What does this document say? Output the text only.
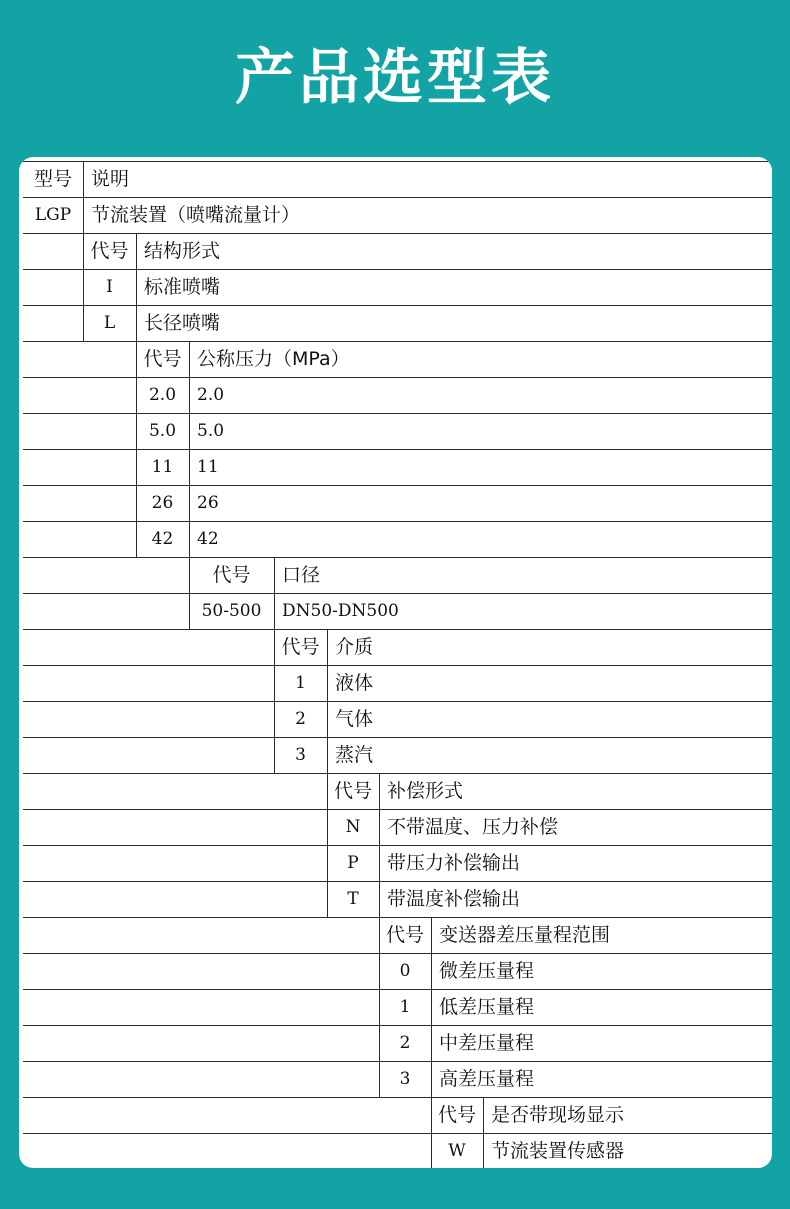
产品选型表
型号	说明
LGP	节流装置（喷嘴流量计）
代号 结构形式
I	标准喷嘴
L	长径喷嘴
代号 公称压力（MPa）
2.0	2.0
5.0	5.0
11	11
26	26
42	42
代号	口径
50-500	DN50-DN500
代号 介质
1	液体
2	气体
3	蒸汽
代号 补偿形式
N	不带温度、压力补偿
P	带压力补偿输出
T	带温度补偿输出
代号 变送器差压量程范围
0	微差压量程
1	低差压量程
2	中差压量程
3	高差压量程
代号 是否带现场显示
W	节流装置传感器
